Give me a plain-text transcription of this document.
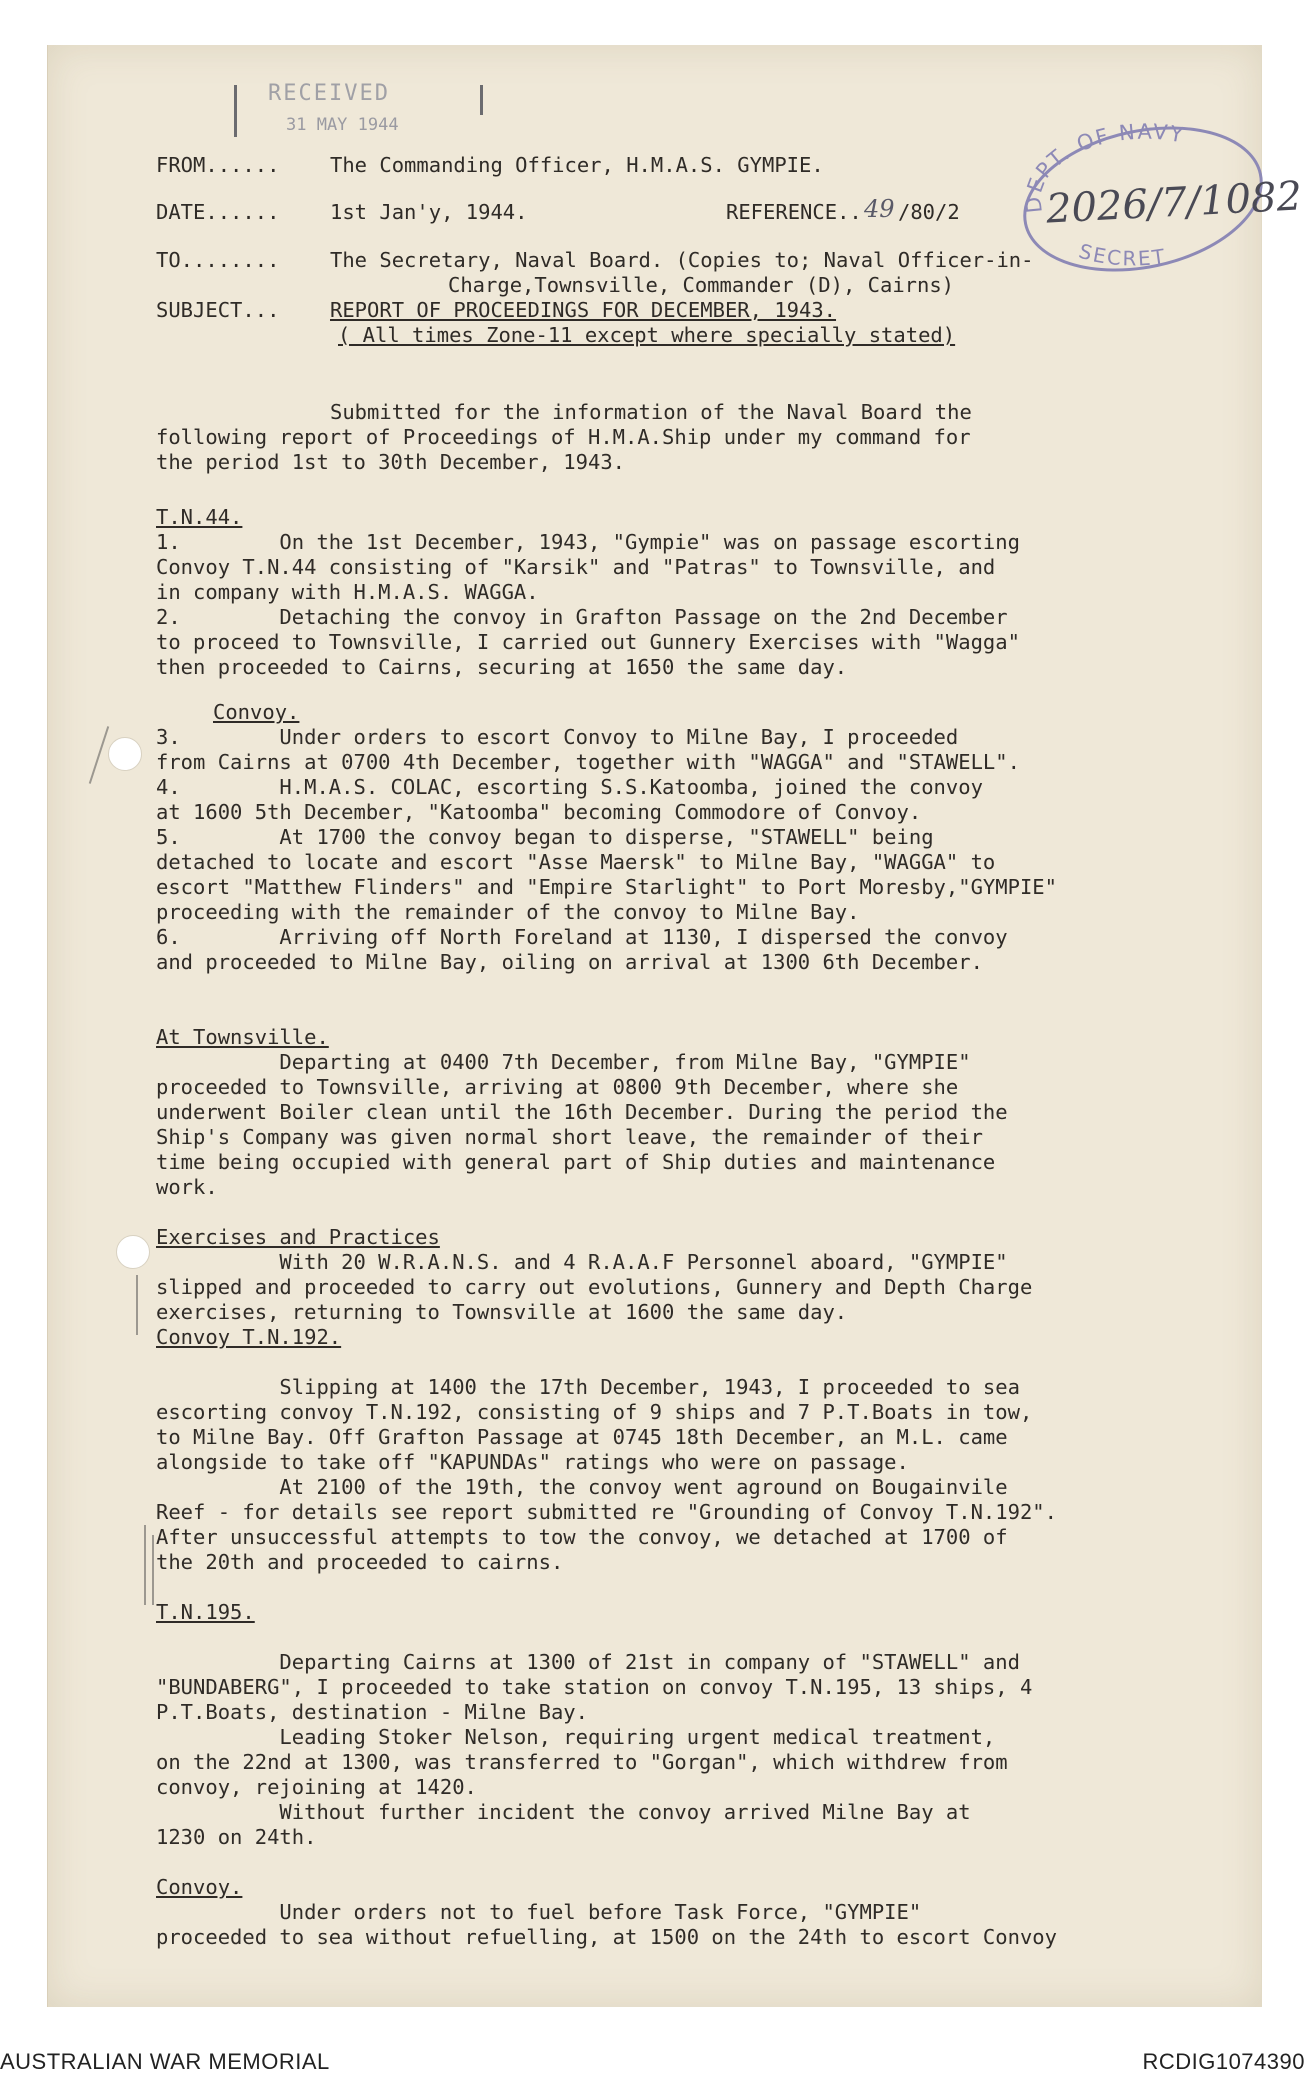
RECEIVED
31 MAY 1944
DEPT. OF NAVY
SECRET
2026/7/1082
FROM...... The Commanding Officer, H.M.A.S. GYMPIE.
DATE...... 1st Jan'y, 1944.	REFERENCE.. 49 /80/2
TO........ The Secretary, Naval Board. (Copies to; Naval Officer-in-
Charge,Townsville, Commander (D), Cairns)
SUBJECT... REPORT OF PROCEEDINGS FOR DECEMBER, 1943.
( All times Zone-11 except where specially stated)
Submitted for the information of the Naval Board the
following report of Proceedings of H.M.A.Ship under my command for
the period 1st to 30th December, 1943.
T.N.44.
1.        On the 1st December, 1943, "Gympie" was on passage escorting
Convoy T.N.44 consisting of "Karsik" and "Patras" to Townsville, and
in company with H.M.A.S. WAGGA.
2.        Detaching the convoy in Grafton Passage on the 2nd December
to proceed to Townsville, I carried out Gunnery Exercises with "Wagga"
then proceeded to Cairns, securing at 1650 the same day.
Convoy.
3.        Under orders to escort Convoy to Milne Bay, I proceeded
from Cairns at 0700 4th December, together with "WAGGA" and "STAWELL".
4.        H.M.A.S. COLAC, escorting S.S.Katoomba, joined the convoy
at 1600 5th December, "Katoomba" becoming Commodore of Convoy.
5.        At 1700 the convoy began to disperse, "STAWELL" being
detached to locate and escort "Asse Maersk" to Milne Bay, "WAGGA" to
escort "Matthew Flinders" and "Empire Starlight" to Port Moresby,"GYMPIE"
proceeding with the remainder of the convoy to Milne Bay.
6.        Arriving off North Foreland at 1130, I dispersed the convoy
and proceeded to Milne Bay, oiling on arrival at 1300 6th December.
At Townsville.
Departing at 0400 7th December, from Milne Bay, "GYMPIE"
proceeded to Townsville, arriving at 0800 9th December, where she
underwent Boiler clean until the 16th December. During the period the
Ship's Company was given normal short leave, the remainder of their
time being occupied with general part of Ship duties and maintenance
work.
Exercises and Practices
With 20 W.R.A.N.S. and 4 R.A.A.F Personnel aboard, "GYMPIE"
slipped and proceeded to carry out evolutions, Gunnery and Depth Charge
exercises, returning to Townsville at 1600 the same day.
Convoy T.N.192.
Slipping at 1400 the 17th December, 1943, I proceeded to sea
escorting convoy T.N.192, consisting of 9 ships and 7 P.T.Boats in tow,
to Milne Bay. Off Grafton Passage at 0745 18th December, an M.L. came
alongside to take off "KAPUNDAs" ratings who were on passage.
At 2100 of the 19th, the convoy went aground on Bougainvile
Reef - for details see report submitted re "Grounding of Convoy T.N.192".
After unsuccessful attempts to tow the convoy, we detached at 1700 of
the 20th and proceeded to cairns.
T.N.195.
Departing Cairns at 1300 of 21st in company of "STAWELL" and
"BUNDABERG", I proceeded to take station on convoy T.N.195, 13 ships, 4
P.T.Boats, destination - Milne Bay.
Leading Stoker Nelson, requiring urgent medical treatment,
on the 22nd at 1300, was transferred to "Gorgan", which withdrew from
convoy, rejoining at 1420.
Without further incident the convoy arrived Milne Bay at
1230 on 24th.
Convoy.
Under orders not to fuel before Task Force, "GYMPIE"
proceeded to sea without refuelling, at 1500 on the 24th to escort Convoy
AUSTRALIAN WAR MEMORIAL	RCDIG1074390
